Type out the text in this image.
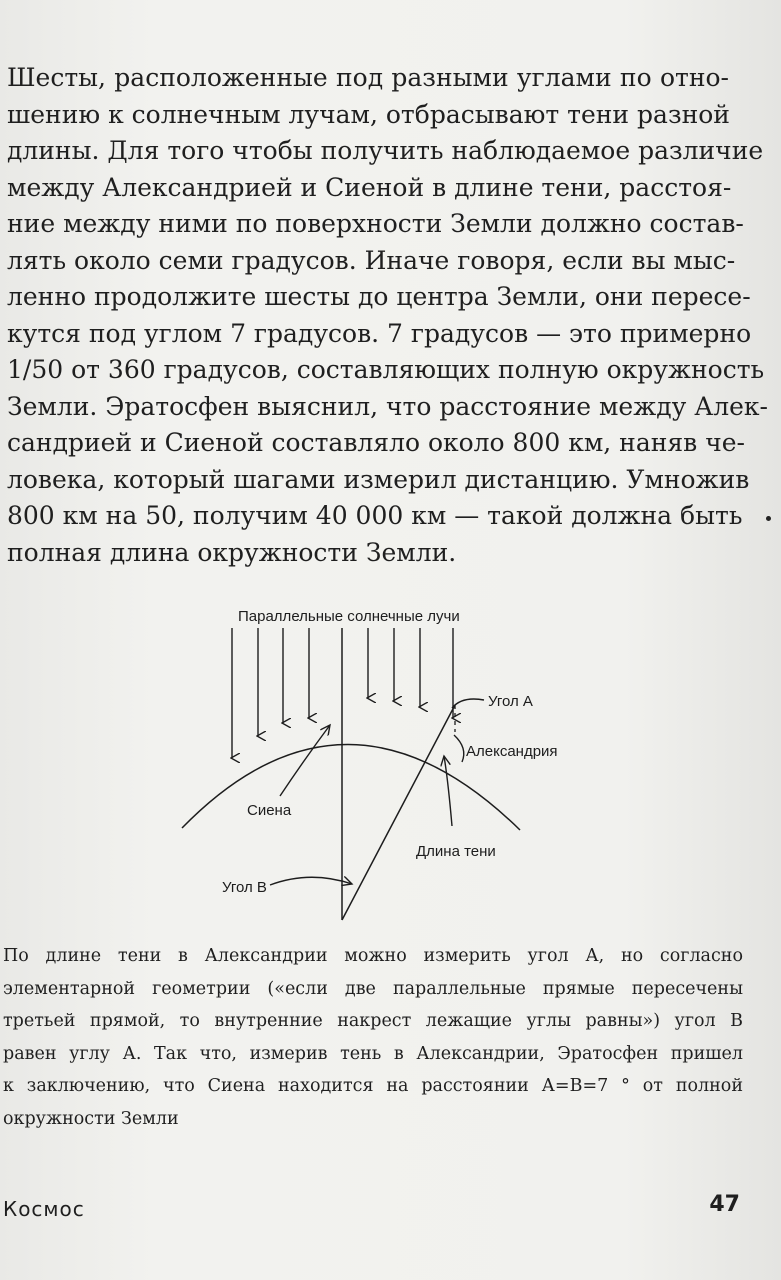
Шесты, расположенные под разными углами по отно-
шению к солнечным лучам, отбрасывают тени разной
длины. Для того чтобы получить наблюдаемое различие
между Александрией и Сиеной в длине тени, расстоя-
ние между ними по поверхности Земли должно состав-
лять около семи градусов. Иначе говоря, если вы мыс-
ленно продолжите шесты до центра Земли, они пересе-
кутся под углом 7 градусов. 7 градусов — это примерно
1/50 от 360 градусов, составляющих полную окружность
Земли. Эратосфен выяснил, что расстояние между Алек-
сандрией и Сиеной составляло около 800 км, наняв че-
ловека, который шагами измерил дистанцию. Умножив
800 км на 50, получим 40 000 км — такой должна быть
полная длина окружности Земли.
Параллельные солнечные лучи
Угол А
Александрия
Сиена
Длина тени
Угол В
По длине тени в Александрии можно измерить угол А, но согласно
элементарной геометрии («если две параллельные прямые пересечены
третьей прямой, то внутренние накрест лежащие углы равны») угол В
равен углу А. Так что, измерив тень в Александрии, Эратосфен пришел
к заключению, что Сиена находится на расстоянии А=В=7 ° от полной
окружности Земли
Космос	47
